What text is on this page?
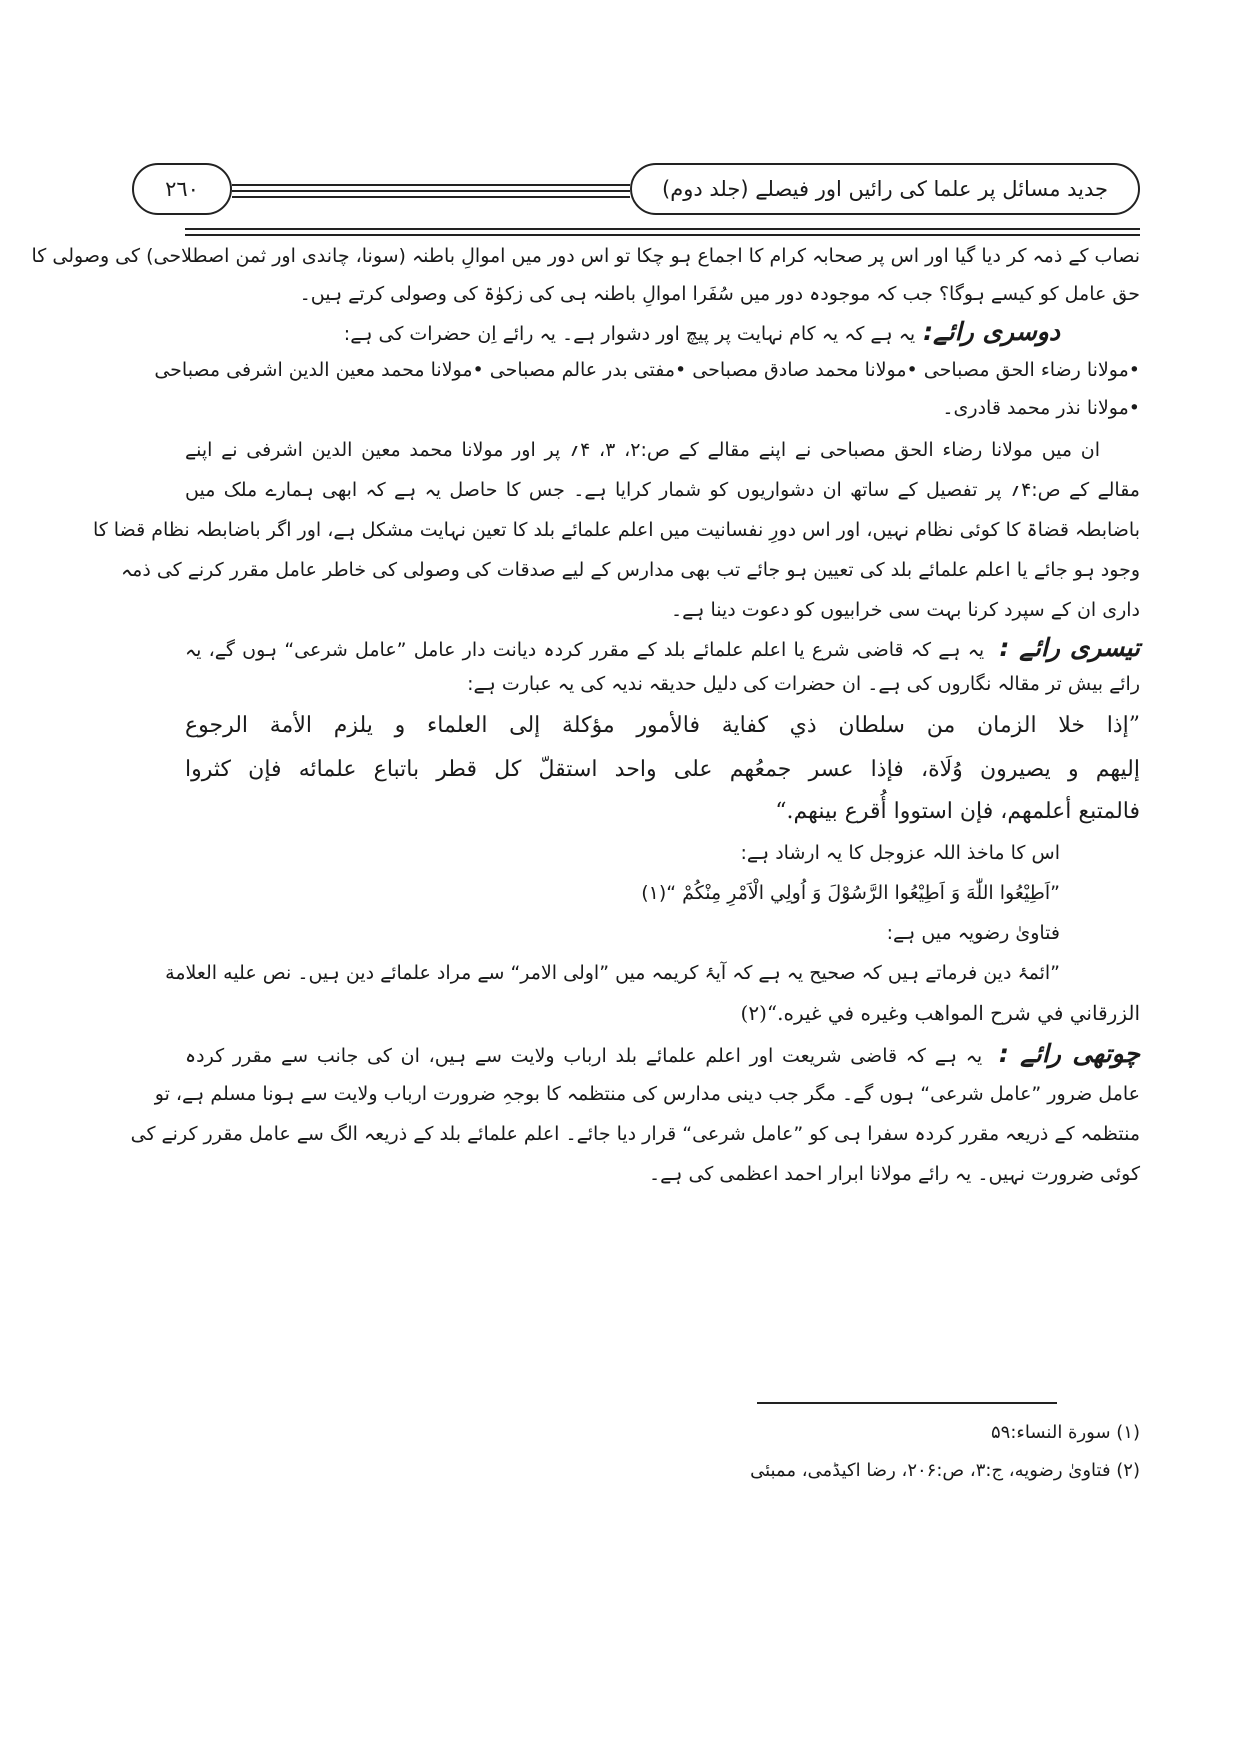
٢٦٠	جدید مسائل پر علما کی رائیں اور فیصلے (جلد دوم)
نصاب کے ذمہ کر دیا گیا اور اس پر صحابہ کرام کا اجماع ہو چکا تو اس دور میں اموالِ باطنہ (سونا، چاندی اور ثمن اصطلاحی) کی وصولی کا
حق عامل کو کیسے ہوگا؟ جب کہ موجودہ دور میں سُفَرا اموالِ باطنہ ہی کی زکوٰۃ کی وصولی کرتے ہیں۔
دوسری رائے:یہ ہے کہ یہ کام نہایت پر پیچ اور دشوار ہے۔ یہ رائے اِن حضرات کی ہے:
•مولانا رضاء الحق مصباحی •مولانا محمد صادق مصباحی •مفتی بدر عالم مصباحی •مولانا محمد معین الدین اشرفی مصباحی
•مولانا نذر محمد قادری۔
ان میں مولانا رضاء الحق مصباحی نے اپنے مقالے کے ص:۲، ۳، ۴؍ پر اور مولانا محمد معین الدین اشرفی نے اپنے
مقالے کے ص:۴؍ پر تفصیل کے ساتھ ان دشواریوں کو شمار کرایا ہے۔ جس کا حاصل یہ ہے کہ ابھی ہمارے ملک میں
باضابطہ قضاۃ کا کوئی نظام نہیں، اور اس دورِ نفسانیت میں اعلم علمائے بلد کا تعین نہایت مشکل ہے، اور اگر باضابطہ نظام قضا کا
وجود ہو جائے یا اعلم علمائے بلد کی تعیین ہو جائے تب بھی مدارس کے لیے صدقات کی وصولی کی خاطر عامل مقرر کرنے کی ذمہ
داری ان کے سپرد کرنا بہت سی خرابیوں کو دعوت دینا ہے۔
تیسری رائے : یہ ہے کہ قاضی شرع یا اعلم علمائے بلد کے مقرر کردہ دیانت دار عامل ”عامل شرعی“ ہوں گے، یہ
رائے بیش تر مقالہ نگاروں کی ہے۔ ان حضرات کی دلیل حدیقہ ندیہ کی یہ عبارت ہے:
”إذا خلا الزمان من سلطان ذي كفاية فالأمور مؤكلة إلى العلماء و يلزم الأمة الرجوع
إليهم و يصيرون وُلَاة، فإذا عسر جمعُهم على واحد استقلّ كل قطر باتباع علمائه فإن كثروا
فالمتبع أعلمهم، فإن استووا أُقرع بينهم.“
اس کا ماخذ اللہ عزوجل کا یہ ارشاد ہے:
”اَطِيْعُوا اللّٰهَ وَ اَطِيْعُوا الرَّسُوْلَ وَ اُولِي الْاَمْرِ مِنْكُمْ “(۱)
فتاویٰ رضویہ میں ہے:
”ائمۂ دین فرماتے ہیں کہ صحیح یہ ہے کہ آیۂ کریمہ میں ”اولی الامر“ سے مراد علمائے دین ہیں۔ نص عليه العلامة
الزرقاني في شرح المواهب وغيره في غيره.“(۲)
چوتھی رائے : یہ ہے کہ قاضی شریعت اور اعلم علمائے بلد ارباب ولایت سے ہیں، ان کی جانب سے مقرر کردہ
عامل ضرور ”عامل شرعی“ ہوں گے۔ مگر جب دینی مدارس کی منتظمہ کا بوجہِ ضرورت ارباب ولایت سے ہونا مسلم ہے، تو
منتظمہ کے ذریعہ مقرر کردہ سفرا ہی کو ”عامل شرعی“ قرار دیا جائے۔ اعلم علمائے بلد کے ذریعہ الگ سے عامل مقرر کرنے کی
کوئی ضرورت نہیں۔ یہ رائے مولانا ابرار احمد اعظمی کی ہے۔
(۱) سورة النساء:۵۹
(۲) فتاویٰ رضویه، ج:۳، ص:۲۰۶، رضا اکیڈمی، ممبئی
